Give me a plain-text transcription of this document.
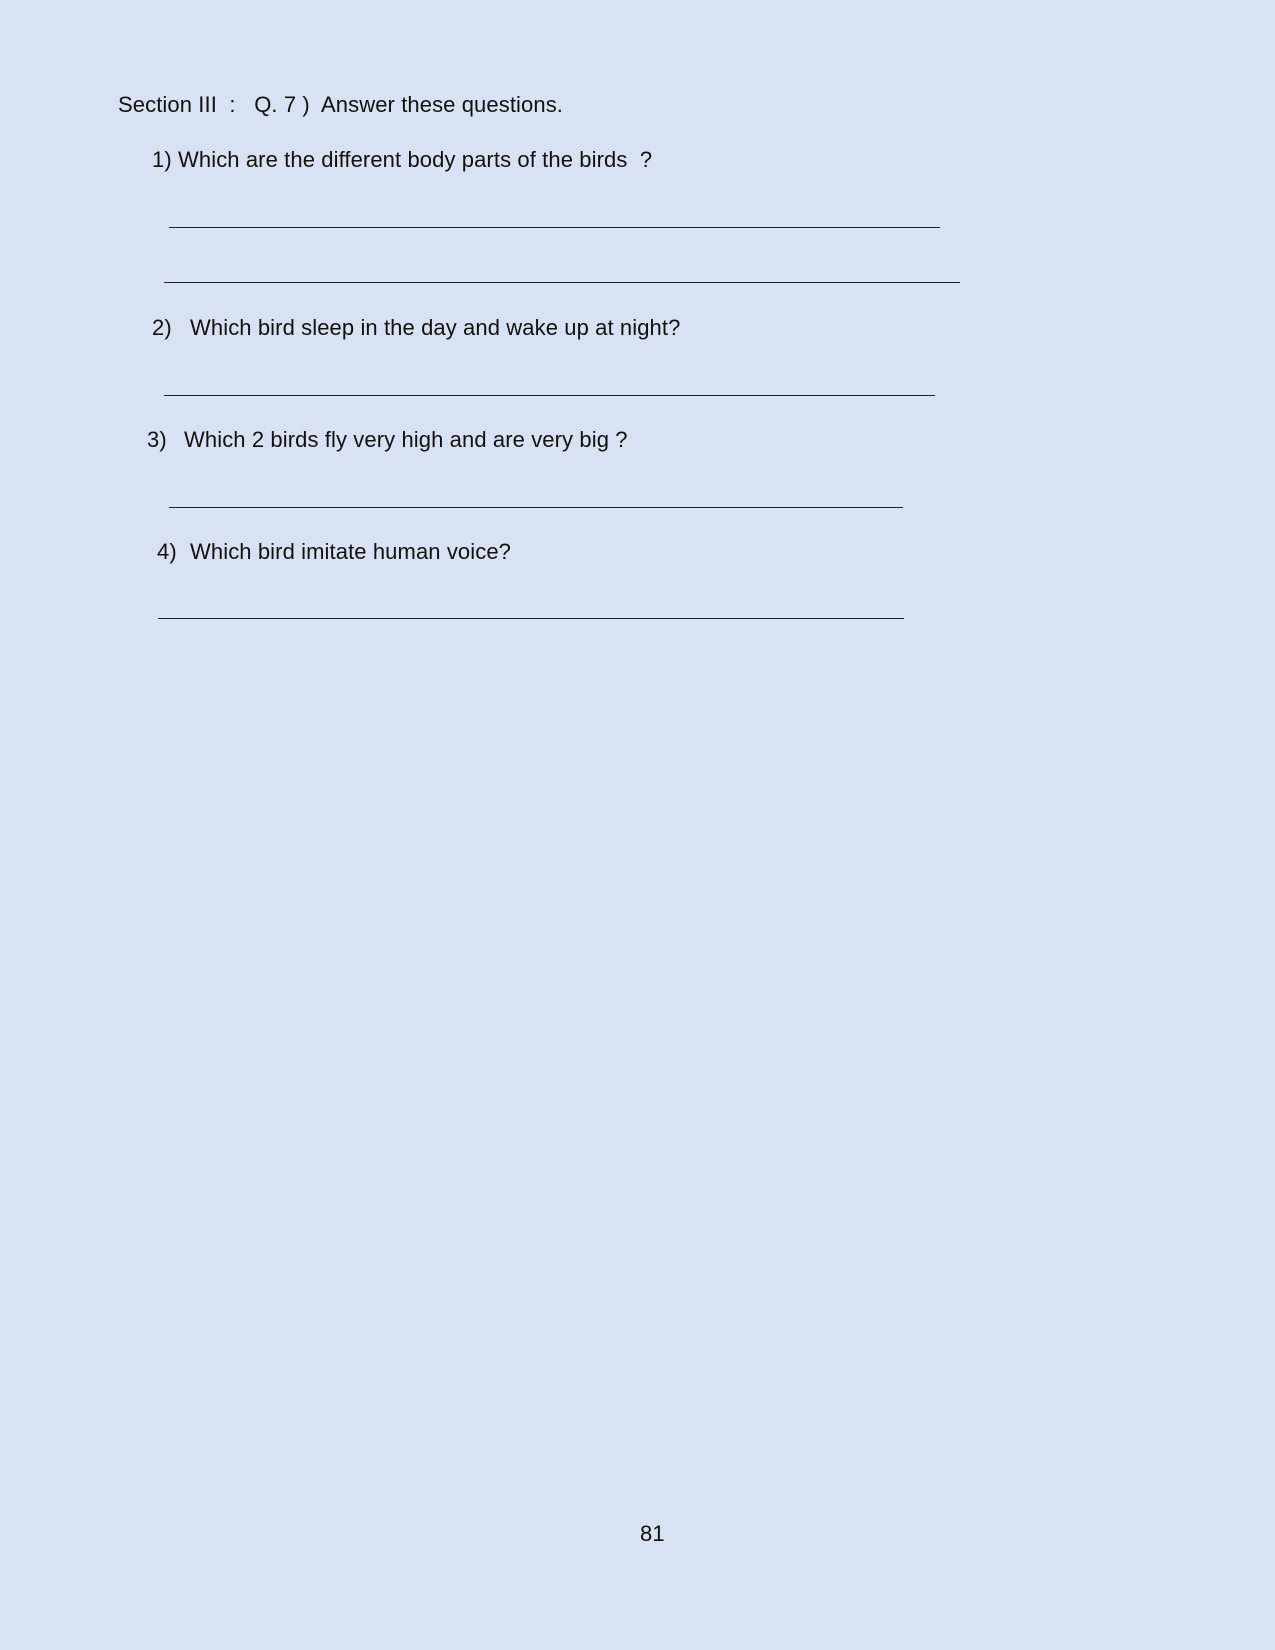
Section III  :   Q. 7 )  Answer these questions.
1) Which are the different body parts of the birds  ?
2) Which bird sleep in the day and wake up at night?
3) Which 2 birds fly very high and are very big ?
4) Which bird imitate human voice?
81
